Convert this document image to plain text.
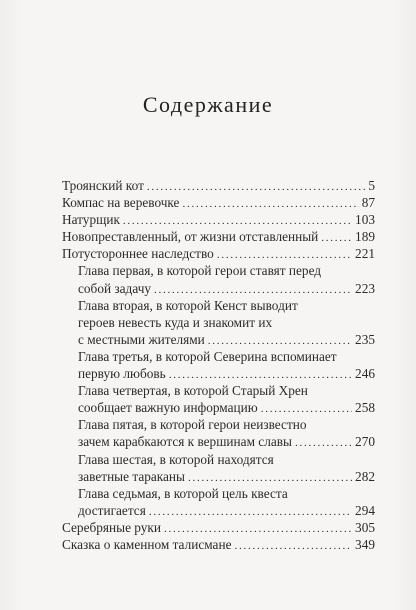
Содержание
Троянский кот . . .	5
Компас на веревочке . . .	87
Натурщик . . .	103
Новопреставленный, от жизни отставленный . . .	189
Потустороннее наследство . . .	221
Глава первая, в которой герои ставят перед
собой задачу . . .	223
Глава вторая, в которой Кенст выводит
героев невесть куда и знакомит их
с местными жителями . . .	235
Глава третья, в которой Северина вспоминает
первую любовь . . .	246
Глава четвертая, в которой Старый Хрен
сообщает важную информацию . . .	258
Глава пятая, в которой герои неизвестно
зачем карабкаются к вершинам славы . . .	270
Глава шестая, в которой находятся
заветные тараканы . . .	282
Глава седьмая, в которой цель квеста
достигается . . .	294
Серебряные руки . . .	305
Сказка о каменном талисмане . . .	349
